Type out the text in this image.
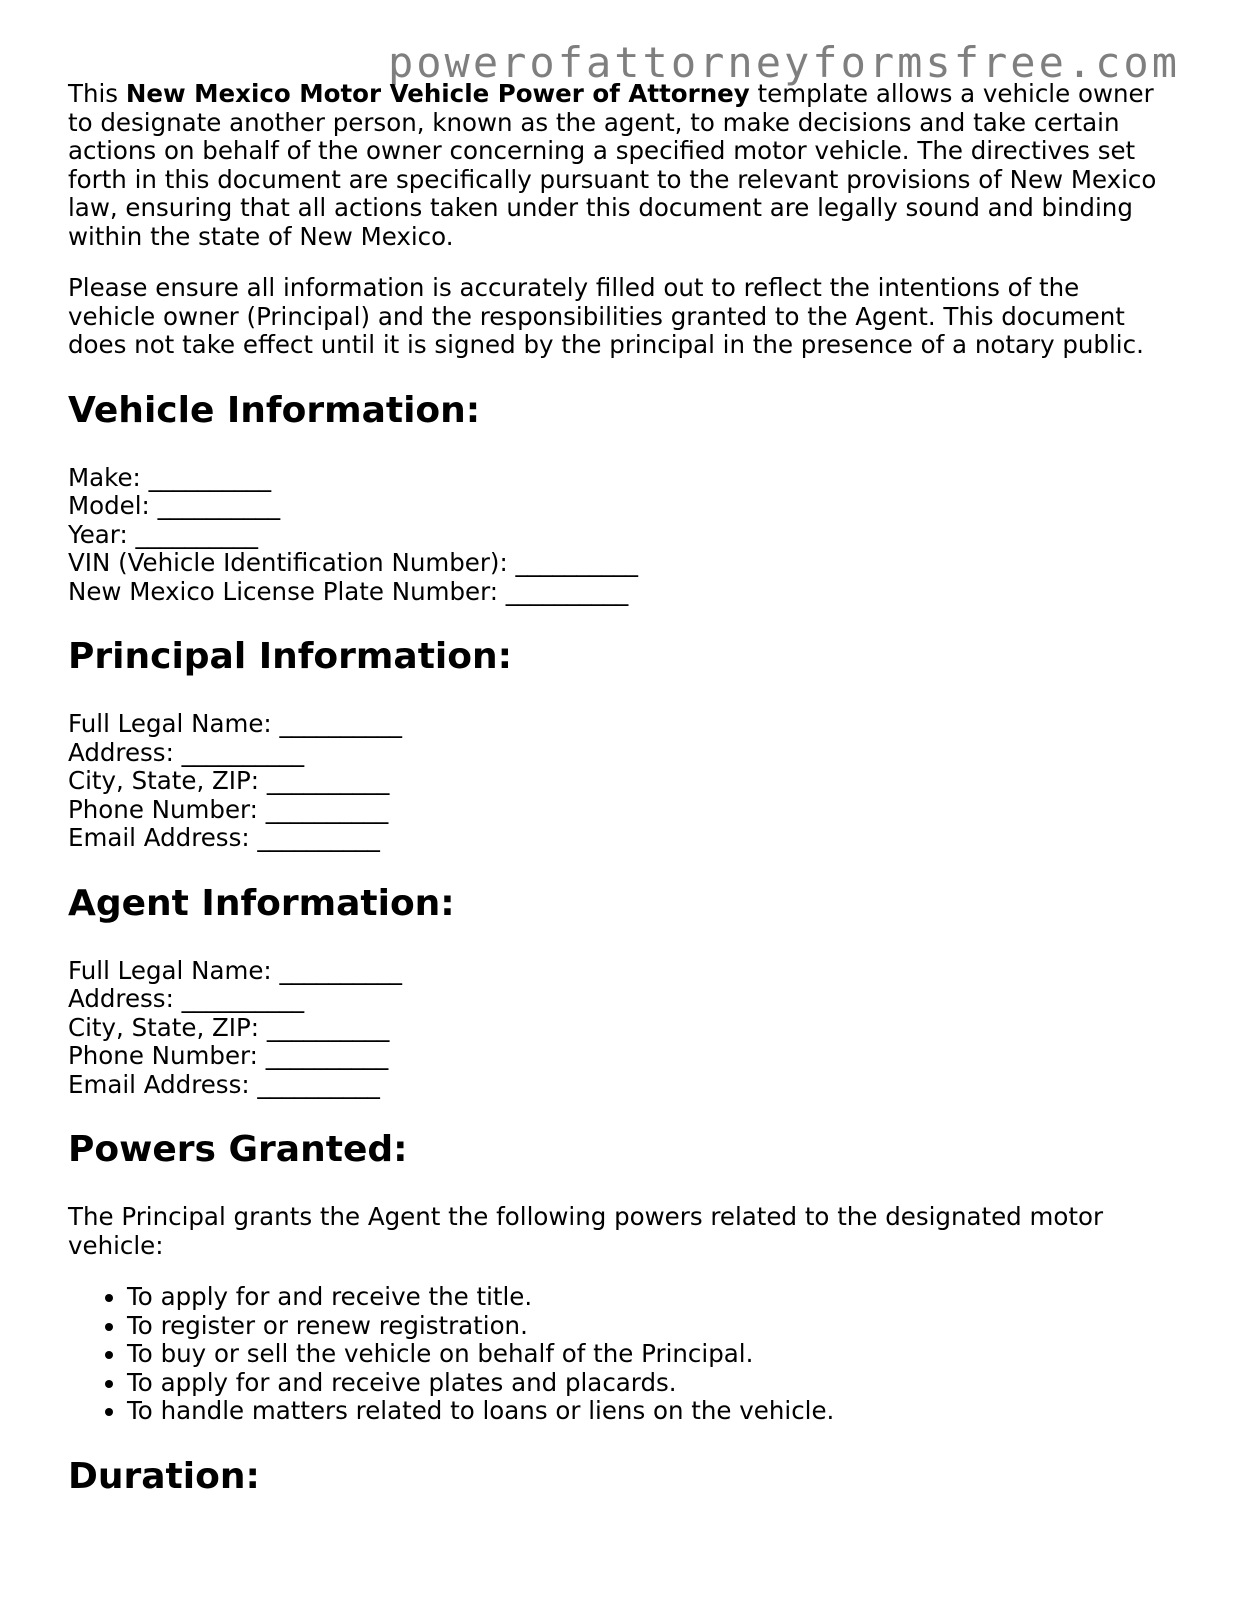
powerofattorneyformsfree.com

This New Mexico Motor Vehicle Power of Attorney template allows a vehicle owner to designate another person, known as the agent, to make decisions and take certain actions on behalf of the owner concerning a specified motor vehicle. The directives set forth in this document are specifically pursuant to the relevant provisions of New Mexico law, ensuring that all actions taken under this document are legally sound and binding within the state of New Mexico.

Please ensure all information is accurately filled out to reflect the intentions of the vehicle owner (Principal) and the responsibilities granted to the Agent. This document does not take effect until it is signed by the principal in the presence of a notary public.

Vehicle Information:
Make: __________
Model: __________
Year: __________
VIN (Vehicle Identification Number): __________
New Mexico License Plate Number: __________
Principal Information:
Full Legal Name: __________
Address: __________
City, State, ZIP: __________
Phone Number: __________
Email Address: __________
Agent Information:
Full Legal Name: __________
Address: __________
City, State, ZIP: __________
Phone Number: __________
Email Address: __________
Powers Granted:

The Principal grants the Agent the following powers related to the designated motor vehicle:

• To apply for and receive the title.
• To register or renew registration.
• To buy or sell the vehicle on behalf of the Principal.
• To apply for and receive plates and placards.
• To handle matters related to loans or liens on the vehicle.
Duration:
